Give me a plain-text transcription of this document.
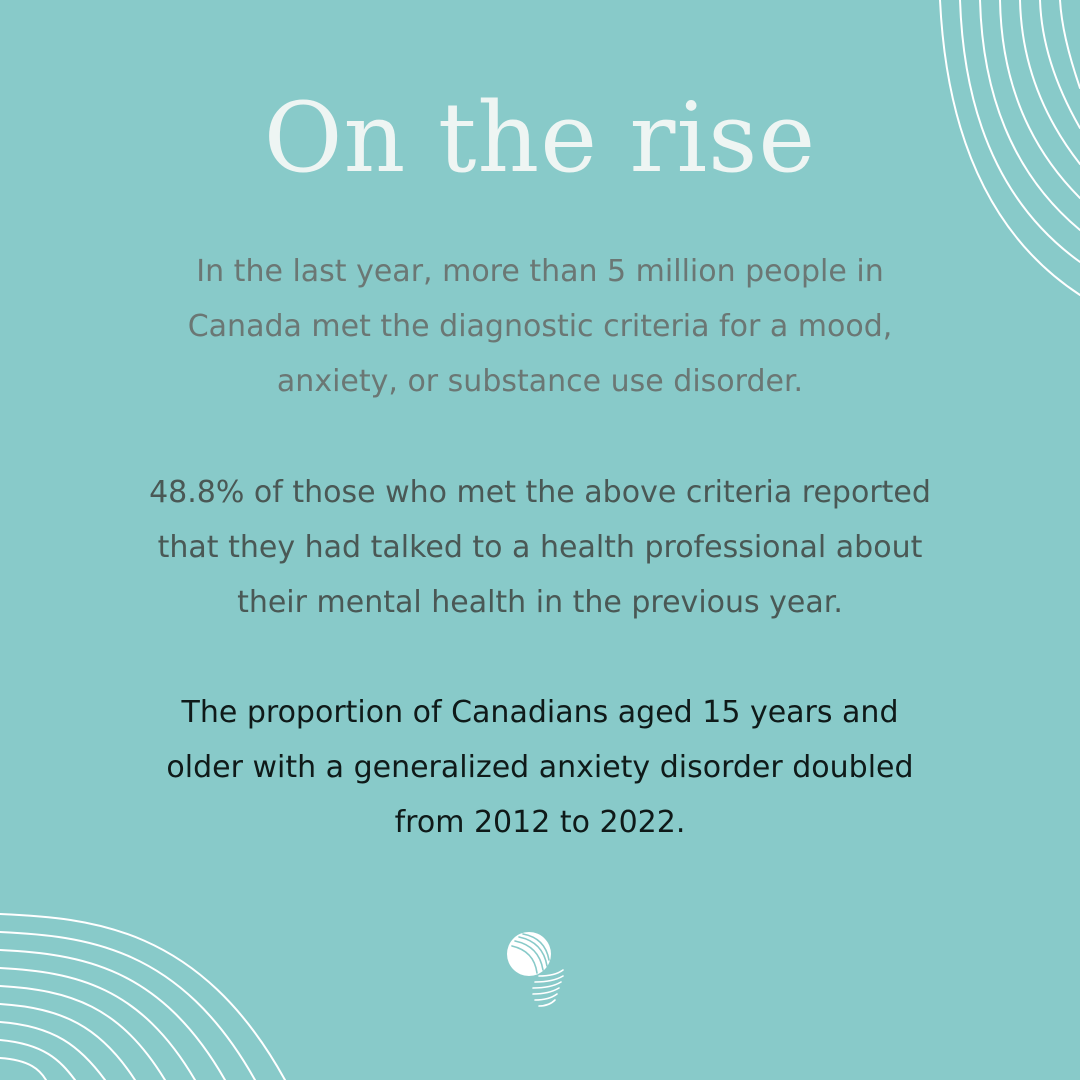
On the rise

In the last year, more than 5 million people in
Canada met the diagnostic criteria for a mood,
anxiety, or substance use disorder.

48.8% of those who met the above criteria reported
that they had talked to a health professional about
their mental health in the previous year.

The proportion of Canadians aged 15 years and
older with a generalized anxiety disorder doubled
from 2012 to 2022.
